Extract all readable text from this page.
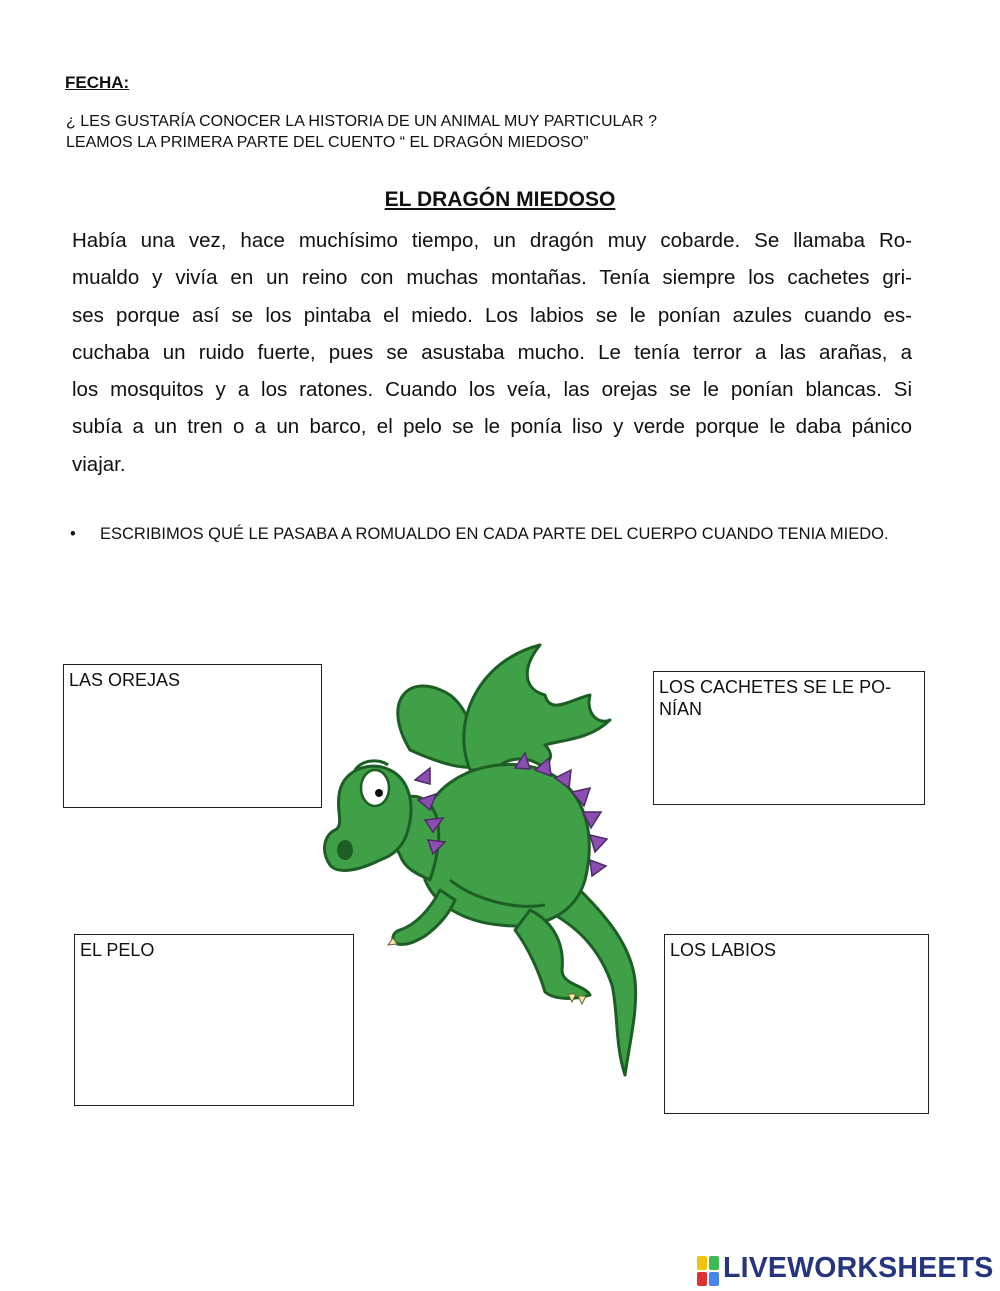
FECHA:
¿ LES GUSTARÍA CONOCER LA HISTORIA DE UN ANIMAL MUY PARTICULAR ?
LEAMOS LA PRIMERA PARTE DEL CUENTO “ EL DRAGÓN MIEDOSO”
EL DRAGÓN MIEDOSO
Había una vez, hace muchísimo tiempo, un dragón muy cobarde. Se llamaba Ro-
mualdo y vivía en un reino con muchas montañas. Tenía siempre los cachetes gri-
ses porque así se los pintaba el miedo. Los labios se le ponían azules cuando es-
cuchaba un ruido fuerte, pues se asustaba mucho. Le tenía terror a las arañas, a
los mosquitos y a los ratones. Cuando los veía, las orejas se le ponían blancas. Si
subía a un tren o a un barco, el pelo se le ponía liso y verde porque le daba pánico
viajar.
• ESCRIBIMOS QUÉ LE PASABA A ROMUALDO EN CADA PARTE DEL CUERPO CUANDO TENIA MIEDO.
LAS OREJAS	LOS CACHETES SE LE PO-
NÍAN
EL PELO	LOS LABIOS
LIVEWORKSHEETS
